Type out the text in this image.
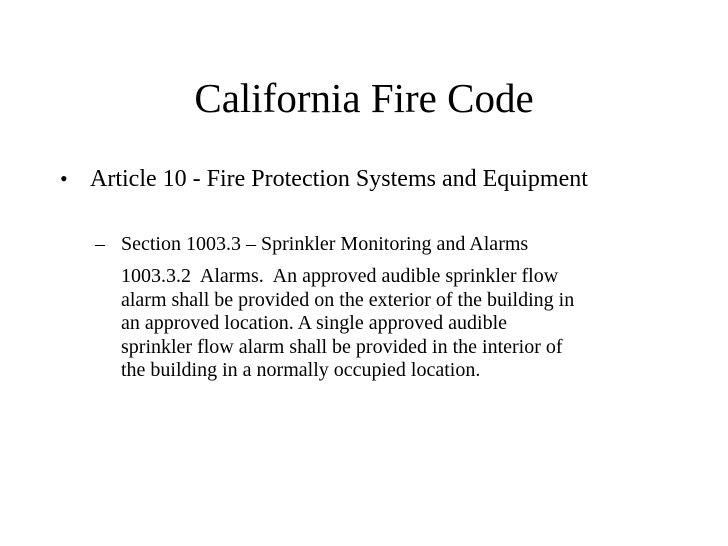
California Fire Code
• Article 10 - Fire Protection Systems and Equipment
– Section 1003.3 – Sprinkler Monitoring and Alarms
1003.3.2  Alarms.  An approved audible sprinkler flow
alarm shall be provided on the exterior of the building in
an approved location. A single approved audible
sprinkler flow alarm shall be provided in the interior of
the building in a normally occupied location.
